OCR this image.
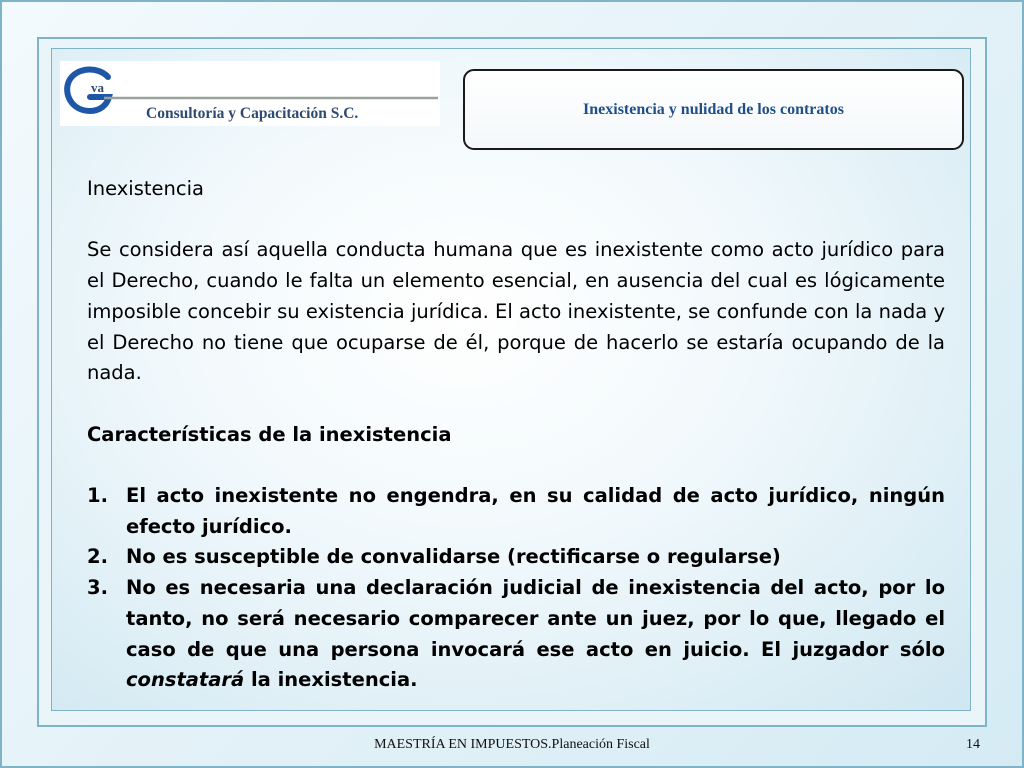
va
Consultoría y Capacitación S.C.	Inexistencia y nulidad de los contratos

Inexistencia

Se considera así aquella conducta humana que es inexistente como acto jurídico para el Derecho, cuando le falta un elemento esencial, en ausencia del cual es lógicamente imposible concebir su existencia jurídica. El acto inexistente, se confunde con la nada y el Derecho no tiene que ocuparse de él, porque de hacerlo se estaría ocupando de la nada.

Características de la inexistencia

1. El acto inexistente no engendra, en su calidad de acto jurídico, ningún efecto jurídico.
2. No es susceptible de convalidarse (rectificarse o regularse)
3. No es necesaria una declaración judicial de inexistencia del acto, por lo tanto, no será necesario comparecer ante un juez, por lo que, llegado el caso de que una persona invocará ese acto en juicio. El juzgador sólo constatará la inexistencia.
MAESTRÍA EN IMPUESTOS.Planeación Fiscal	14
